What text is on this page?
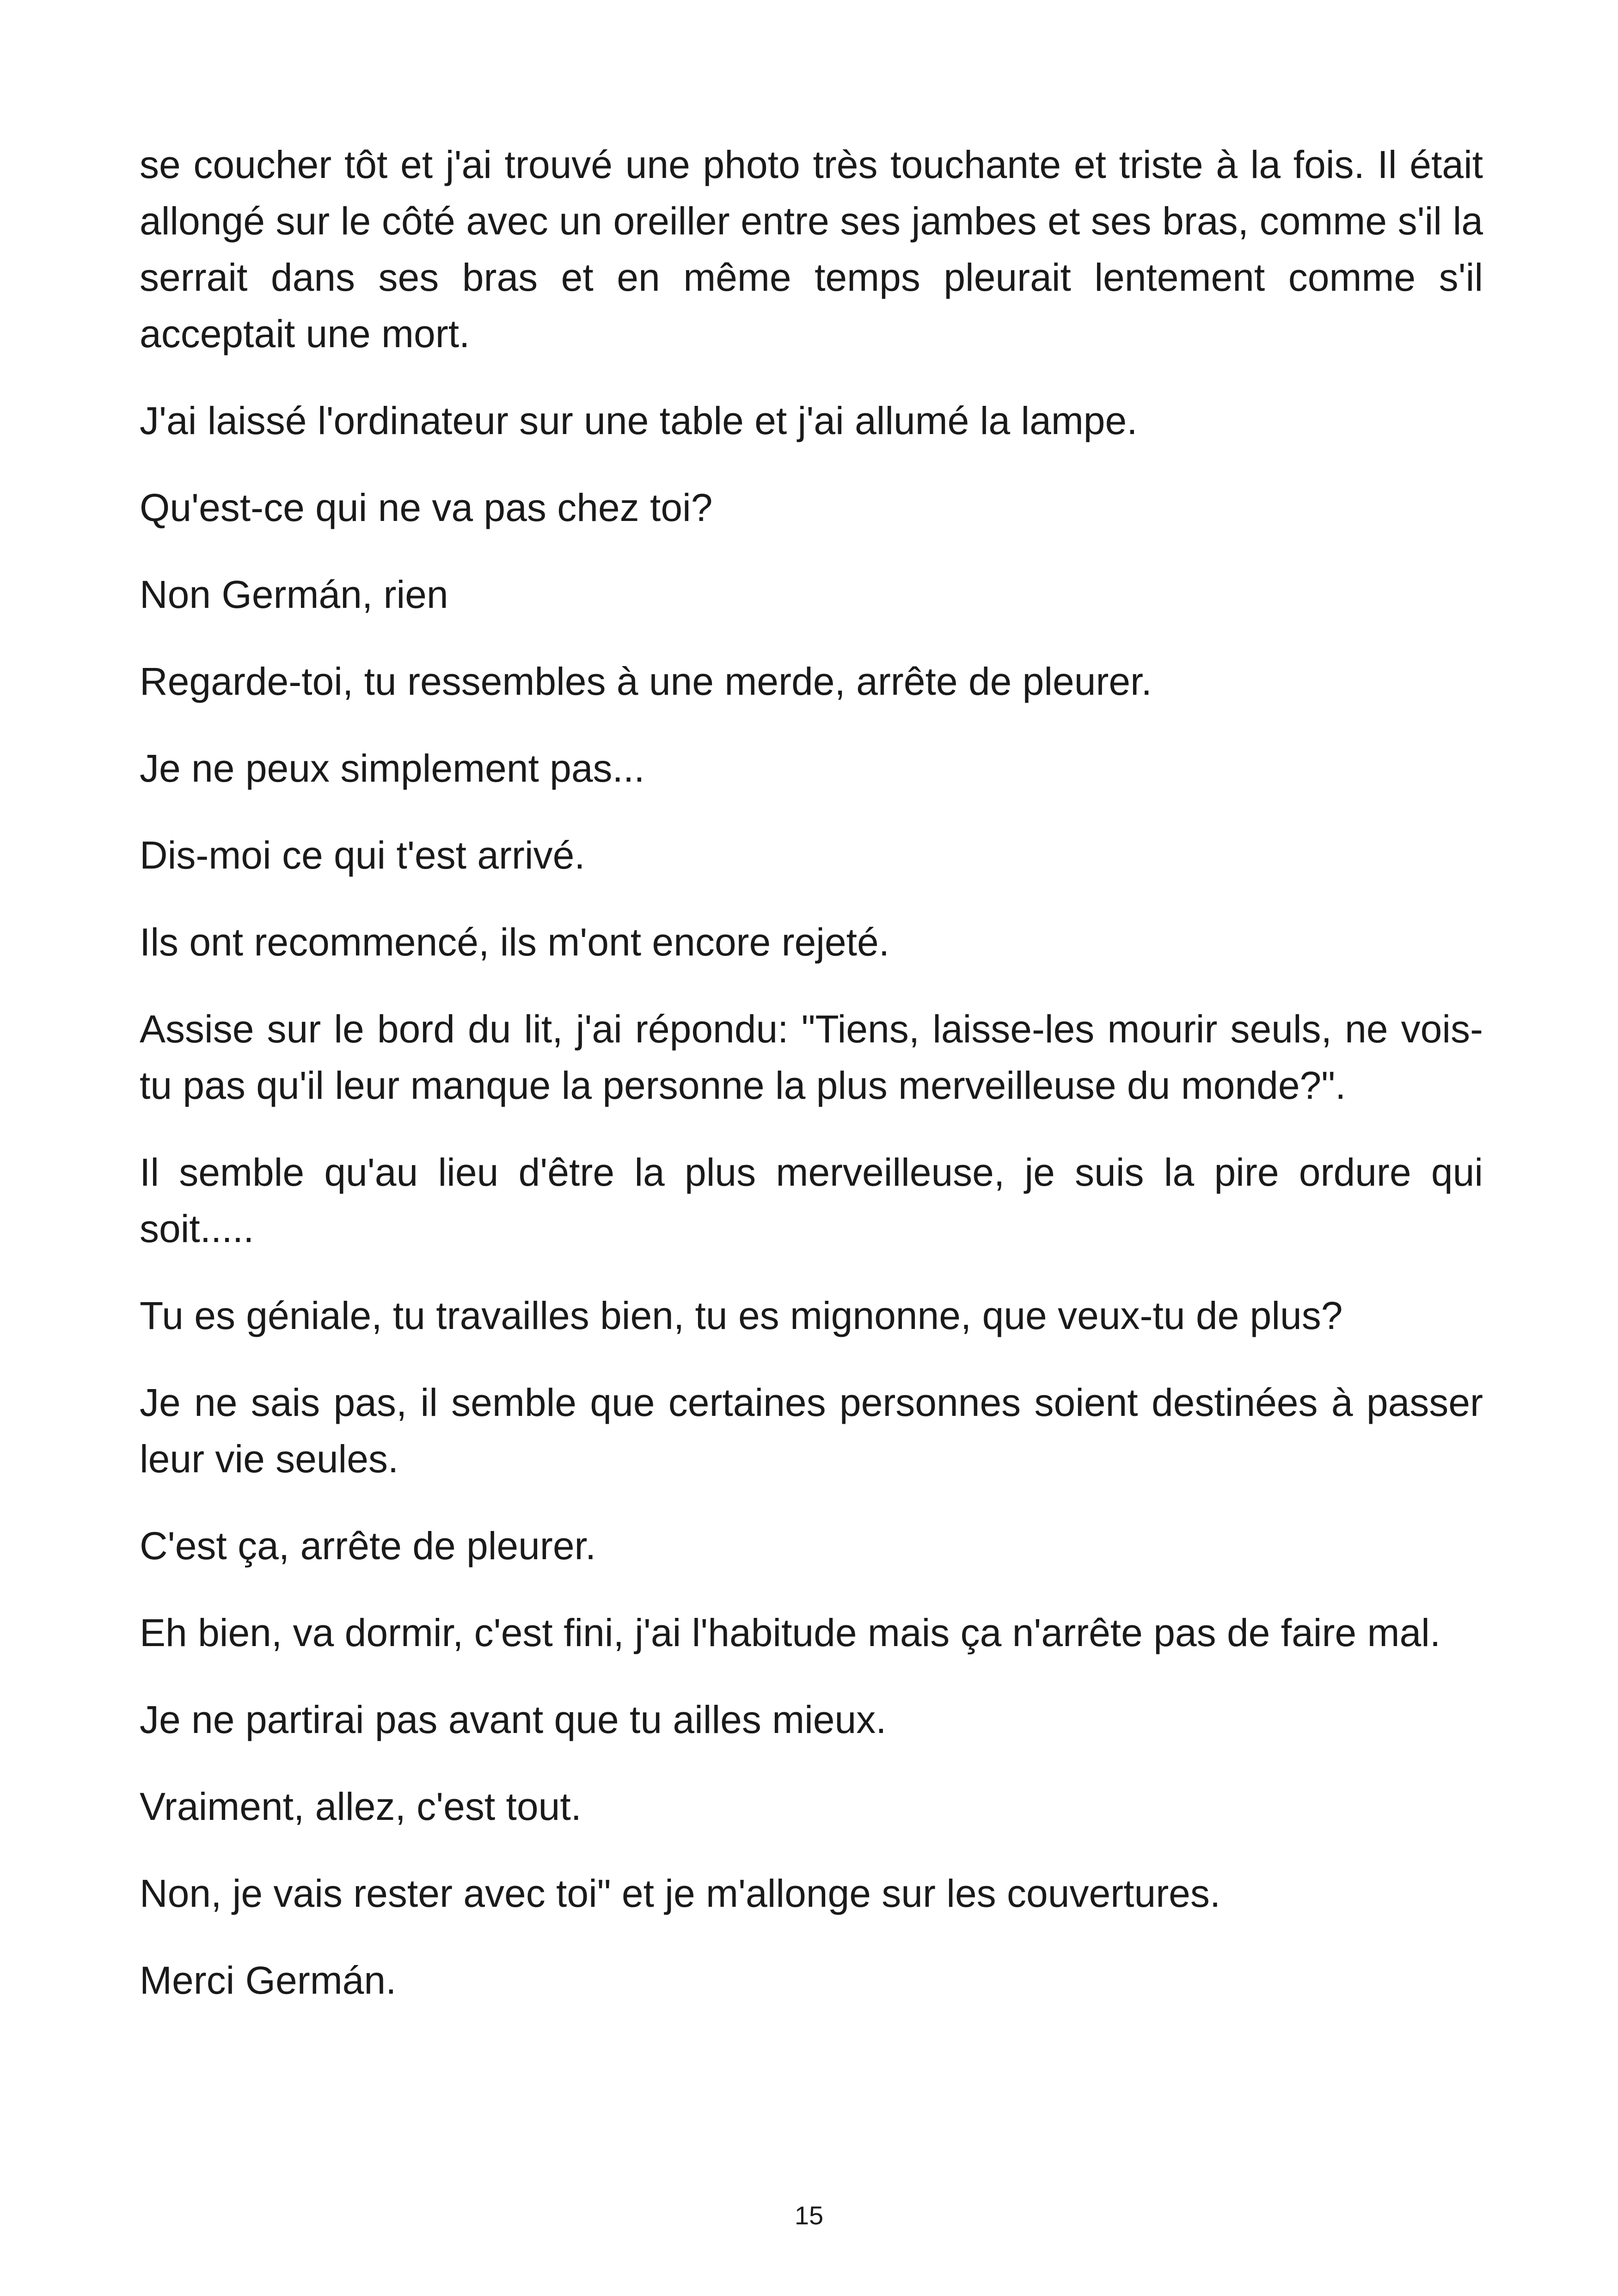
se coucher tôt et j'ai trouvé une photo très touchante et triste à la fois. Il était allongé sur le côté avec un oreiller entre ses jambes et ses bras, comme s'il la serrait dans ses bras et en même temps pleurait lentement comme s'il acceptait une mort.

J'ai laissé l'ordinateur sur une table et j'ai allumé la lampe.

Qu'est-ce qui ne va pas chez toi?

Non Germán, rien

Regarde-toi, tu ressembles à une merde, arrête de pleurer.

Je ne peux simplement pas...

Dis-moi ce qui t'est arrivé.

Ils ont recommencé, ils m'ont encore rejeté.

Assise sur le bord du lit, j'ai répondu: "Tiens, laisse-les mourir seuls, ne vois-tu pas qu'il leur manque la personne la plus merveilleuse du monde?".

Il semble qu'au lieu d'être la plus merveilleuse, je suis la pire ordure qui soit.....

Tu es géniale, tu travailles bien, tu es mignonne, que veux-tu de plus?

Je ne sais pas, il semble que certaines personnes soient destinées à passer leur vie seules.

C'est ça, arrête de pleurer.

Eh bien, va dormir, c'est fini, j'ai l'habitude mais ça n'arrête pas de faire mal.

Je ne partirai pas avant que tu ailles mieux.

Vraiment, allez, c'est tout.

Non, je vais rester avec toi" et je m'allonge sur les couvertures.

Merci Germán.

15
